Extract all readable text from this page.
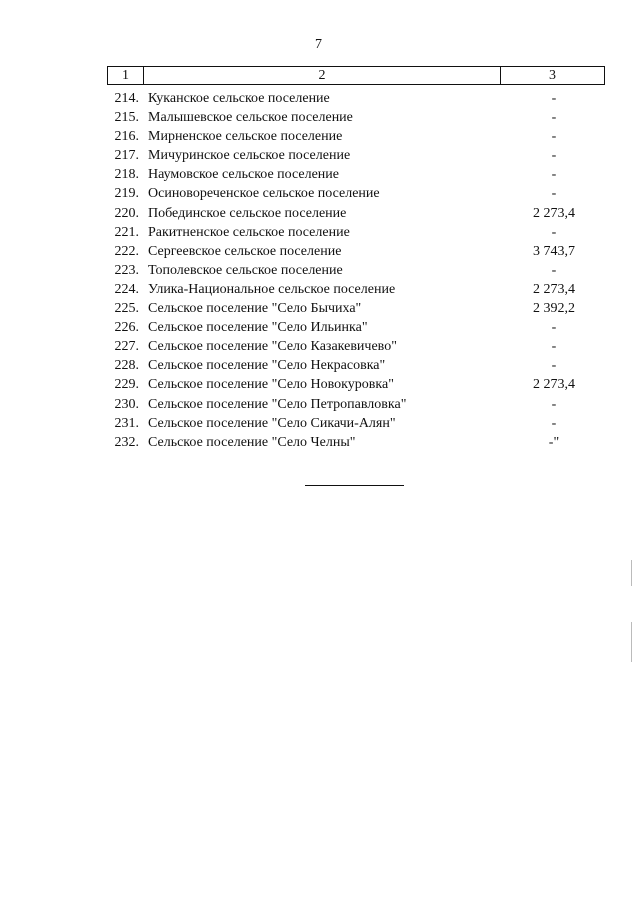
7
1	2	3
214. Куканское сельское поселение	-
215. Малышевское сельское поселение	-
216. Мирненское сельское поселение	-
217. Мичуринское сельское поселение	-
218. Наумовское сельское поселение	-
219. Осиновореченское сельское поселение	-
220. Побединское сельское поселение	2 273,4
221. Ракитненское сельское поселение	-
222. Сергеевское сельское поселение	3 743,7
223. Тополевское сельское поселение	-
224. Улика-Национальное сельское поселение	2 273,4
225. Сельское поселение "Село Бычиха"	2 392,2
226. Сельское поселение "Село Ильинка"	-
227. Сельское поселение "Село Казакевичево"	-
228. Сельское поселение "Село Некрасовка"	-
229. Сельское поселение "Село Новокуровка"	2 273,4
230. Сельское поселение "Село Петропавловка"	-
231. Сельское поселение "Село Сикачи-Алян"	-
232. Сельское поселение "Село Челны"	-"
